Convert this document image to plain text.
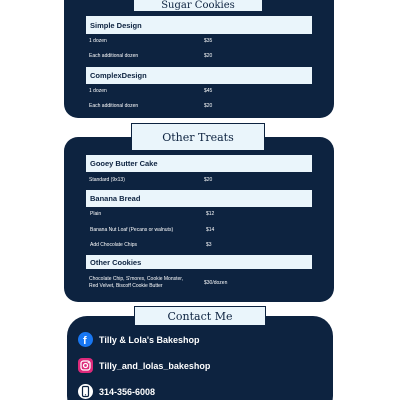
Sugar Cookies
Simple Design
1 dozen	$35
Each additional dozen	$20
ComplexDesign
1 dozen	$45
Each additional dozen	$20
Other Treats
Gooey Butter Cake
Standard (9x13)	$20
Banana Bread
Plain	$12
Banana Nut Loaf (Pecans or walnuts)	$14
Add Chocolate Chips	$3
Other Cookies
Chocolate Chip, S'mores, Cookie Monster,
Red Velvet, Biscoff Cookie Butter	$30/dozen
Contact Me
f Tilly & Lola's Bakeshop
Tilly_and_lolas_bakeshop
314-356-6008
